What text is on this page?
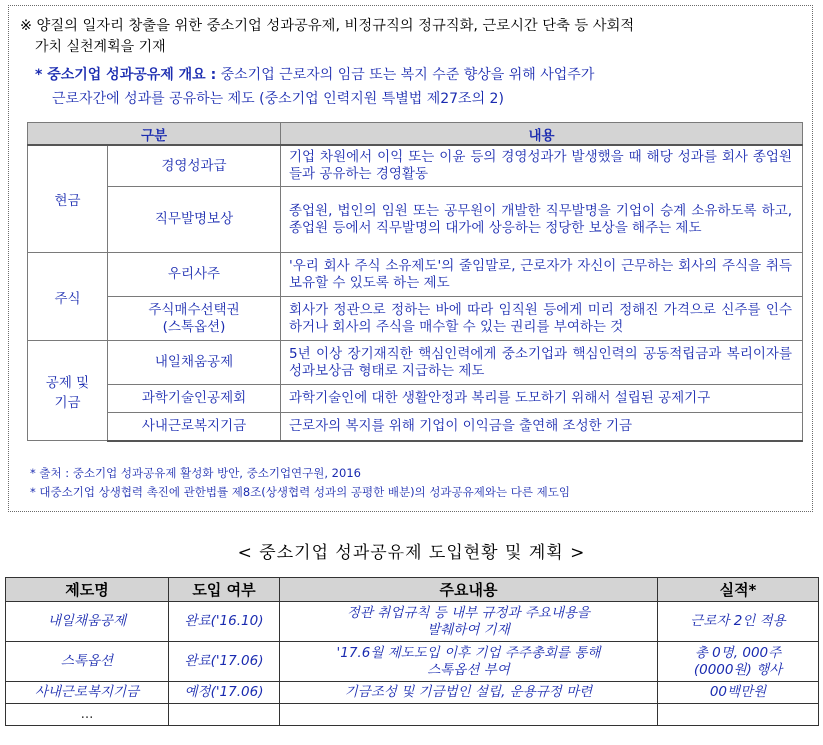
※ 양질의 일자리 창출을 위한 중소기업 성과공유제, 비정규직의 정규직화, 근로시간 단축 등 사회적
가치 실천계획을 기재
* 중소기업 성과공유제 개요 : 중소기업 근로자의 임금 또는 복지 수준 향상을 위해 사업주가
근로자간에 성과를 공유하는 제도 (중소기업 인력지원 특별법 제27조의 2)
구분		내용
현금	경영성과급	기업 차원에서 이익 또는 이윤 등의 경영성과가 발생했을 때 해당 성과를 회사 종업원들과 공유하는 경영활동
	직무발명보상	종업원, 법인의 임원 또는 공무원이 개발한 직무발명을 기업이 승계 소유하도록 하고, 종업원 등에서 직무발명의 대가에 상응하는 정당한 보상을 해주는 제도
주식	우리사주	'우리 회사 주식 소유제도'의 줄임말로, 근로자가 자신이 근무하는 회사의 주식을 취득 보유할 수 있도록 하는 제도
	주식매수선택권
(스톡옵션)	회사가 정관으로 정하는 바에 따라 임직원 등에게 미리 정해진 가격으로 신주를 인수하거나 회사의 주식을 매수할 수 있는 권리를 부여하는 것
공제 및
기금	내일채움공제	5년 이상 장기재직한 핵심인력에게 중소기업과 핵심인력의 공동적립금과 복리이자를 성과보상금 형태로 지급하는 제도
	과학기술인공제회	과학기술인에 대한 생활안정과 복리를 도모하기 위해서 설립된 공제기구
	사내근로복지기금	근로자의 복지를 위해 기업이 이익금을 출연해 조성한 기금
* 출처 : 중소기업 성과공유제 활성화 방안, 중소기업연구원, 2016
* 대중소기업 상생협력 촉진에 관한법률 제8조(상생협력 성과의 공평한 배분)의 성과공유제와는 다른 제도임
< 중소기업 성과공유제 도입현황 및 계획 >
제도명	도입 여부	주요내용	실적*
내일채움공제	완료('16.10)	정관 취업규칙 등 내부 규정과 주요내용을
발췌하여 기재	근로자 2인 적용
스톡옵션	완료('17.06)	'17.6월 제도도입 이후 기업 주주총회를 통해
스톡옵션 부여	총 0명, 000주
(0000원) 행사
사내근로복지기금	예정('17.06)	기금조성 및 기금법인 설립, 운용규정 마련	00백만원
...			
